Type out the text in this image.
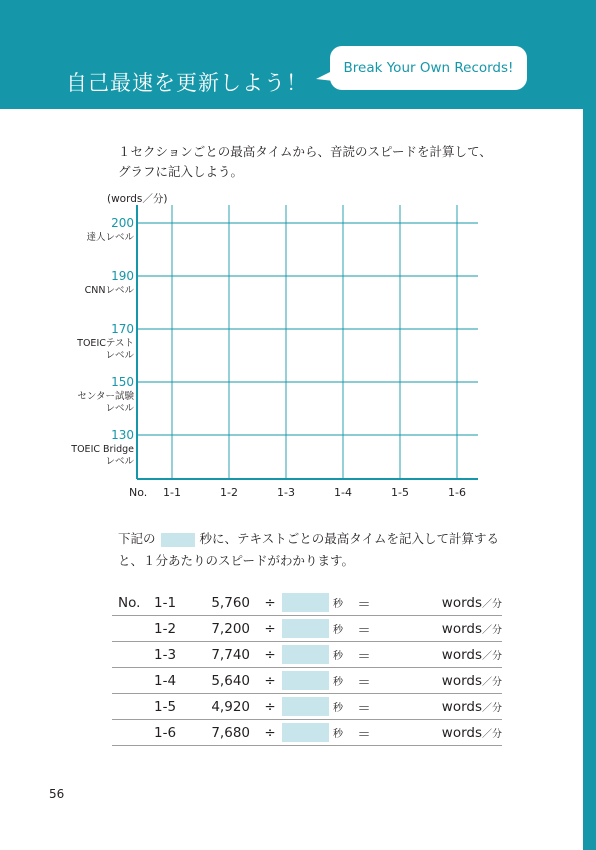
自己最速を更新しよう！
Break Your Own Records!
１セクションごとの最高タイムから、音読のスピードを計算して、
グラフに記入しよう。
(words／分)
200
達人レベル
190
CNNレベル
170
TOEICテスト
レベル
150
センター試験
レベル
130
TOEIC Bridge
レベル
1-1	1-2	1-3	1-4	1-5	1-6
No.
下記の	秒に、テキストごとの最高タイムを記入して計算する
と、１分あたりのスピードがわかります。
No.	1-1	5,760	÷		秒	＝		words／分
	1-2	7,200	÷		秒	＝		words／分
	1-3	7,740	÷		秒	＝		words／分
	1-4	5,640	÷		秒	＝		words／分
	1-5	4,920	÷		秒	＝		words／分
	1-6	7,680	÷		秒	＝		words／分
56
